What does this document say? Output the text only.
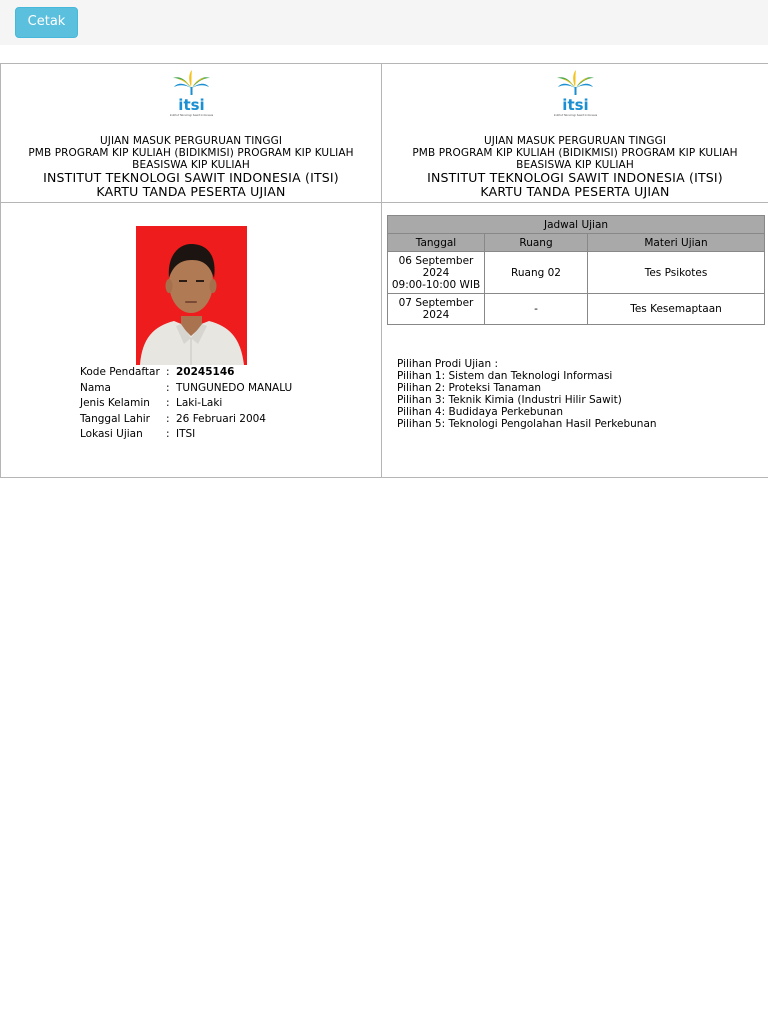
Cetak
itsi
Institut Teknologi Sawit Indonesia
UJIAN MASUK PERGURUAN TINGGI
PMB PROGRAM KIP KULIAH (BIDIKMISI) PROGRAM KIP KULIAH
BEASISWA KIP KULIAH
INSTITUT TEKNOLOGI SAWIT INDONESIA (ITSI)
KARTU TANDA PESERTA UJIAN

itsi
Institut Teknologi Sawit Indonesia
UJIAN MASUK PERGURUAN TINGGI
PMB PROGRAM KIP KULIAH (BIDIKMISI) PROGRAM KIP KULIAH
BEASISWA KIP KULIAH
INSTITUT TEKNOLOGI SAWIT INDONESIA (ITSI)
KARTU TANDA PESERTA UJIAN

Kode Pendaftar	:	20245146
Nama	:	TUNGUNEDO MANALU
Jenis Kelamin	:	Laki-Laki
Tanggal Lahir	:	26 Februari 2004
Lokasi Ujian	:	ITSI

Jadwal Ujian
Tanggal	Ruang	Materi Ujian

06 September 2024
09:00-10:00 WIB
	Ruang 02	Tes Psikotes

07 September 2024	-	Tes Kesemaptaan
Pilihan Prodi Ujian :
Pilihan 1: Sistem dan Teknologi Informasi
Pilihan 2: Proteksi Tanaman
Pilihan 3: Teknik Kimia (Industri Hilir Sawit)
Pilihan 4: Budidaya Perkebunan
Pilihan 5: Teknologi Pengolahan Hasil Perkebunan
